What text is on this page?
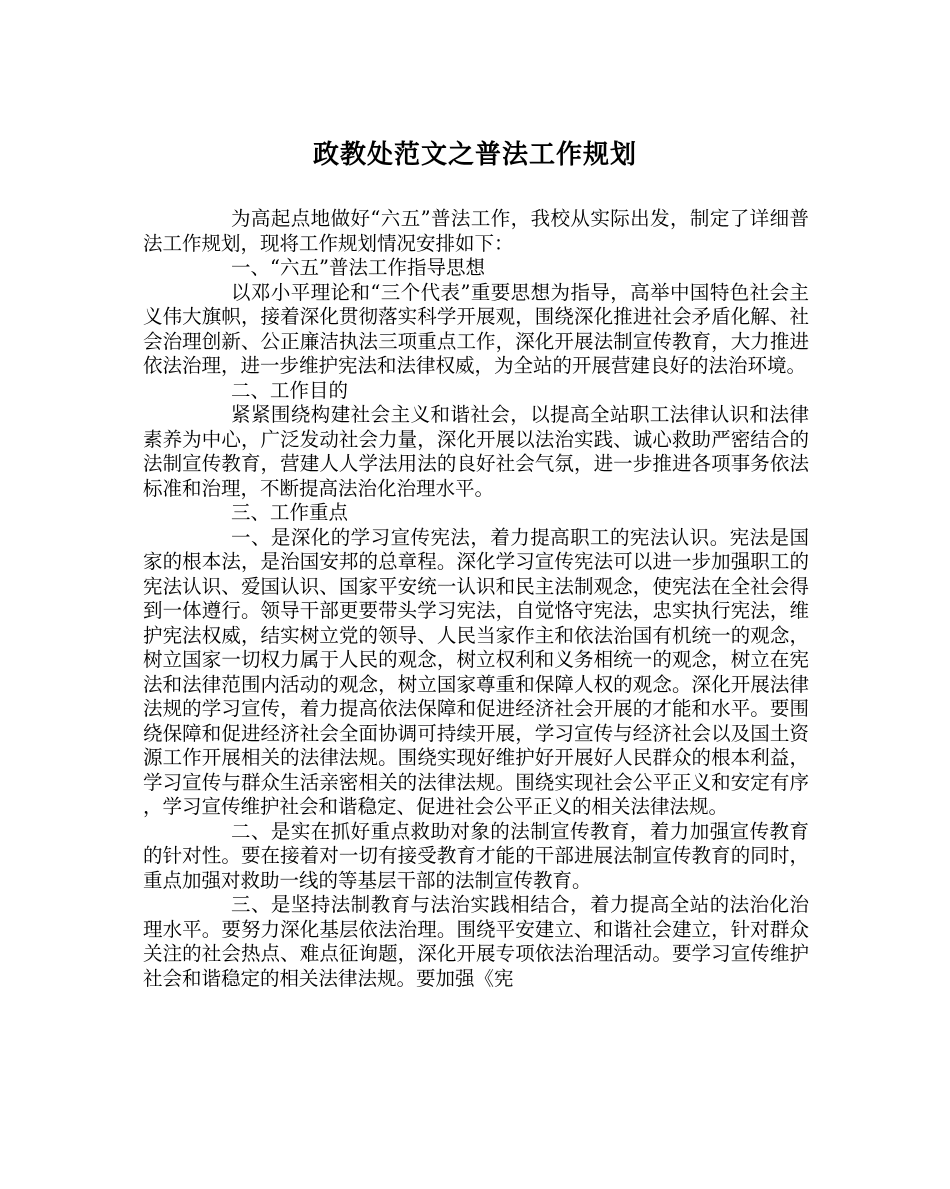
政教处范文之普法工作规划

为高起点地做好“六五”普法工作，我校从实际出发，制定了详细普法工作规划，现将工作规划情况安排如下：

一、“六五”普法工作指导思想

以邓小平理论和“三个代表”重要思想为指导，高举中国特色社会主义伟大旗帜，接着深化贯彻落实科学开展观，围绕深化推进社会矛盾化解、社会治理创新、公正廉洁执法三项重点工作，深化开展法制宣传教育，大力推进依法治理，进一步维护宪法和法律权威，为全站的开展营建良好的法治环境。

二、工作目的

紧紧围绕构建社会主义和谐社会，以提高全站职工法律认识和法律素养为中心，广泛发动社会力量，深化开展以法治实践、诚心救助严密结合的法制宣传教育，营建人人学法用法的良好社会气氛，进一步推进各项事务依法标准和治理，不断提高法治化治理水平。

三、工作重点

一、是深化的学习宣传宪法，着力提高职工的宪法认识。宪法是国家的根本法，是治国安邦的总章程。深化学习宣传宪法可以进一步加强职工的宪法认识、爱国认识、国家平安统一认识和民主法制观念，使宪法在全社会得到一体遵行。领导干部更要带头学习宪法，自觉恪守宪法，忠实执行宪法，维护宪法权威，结实树立党的领导、人民当家作主和依法治国有机统一的观念，树立国家一切权力属于人民的观念，树立权利和义务相统一的观念，树立在宪法和法律范围内活动的观念，树立国家尊重和保障人权的观念。深化开展法律法规的学习宣传，着力提高依法保障和促进经济社会开展的才能和水平。要围绕保障和促进经济社会全面协调可持续开展，学习宣传与经济社会以及国土资源工作开展相关的法律法规。围绕实现好维护好开展好人民群众的根本利益，学习宣传与群众生活亲密相关的法律法规。围绕实现社会公平正义和安定有序，学习宣传维护社会和谐稳定、促进社会公平正义的相关法律法规。

二、是实在抓好重点救助对象的法制宣传教育，着力加强宣传教育的针对性。要在接着对一切有接受教育才能的干部进展法制宣传教育的同时，重点加强对救助一线的等基层干部的法制宣传教育。

三、是坚持法制教育与法治实践相结合，着力提高全站的法治化治理水平。要努力深化基层依法治理。围绕平安建立、和谐社会建立，针对群众关注的社会热点、难点征询题，深化开展专项依法治理活动。要学习宣传维护社会和谐稳定的相关法律法规。要加强《宪
